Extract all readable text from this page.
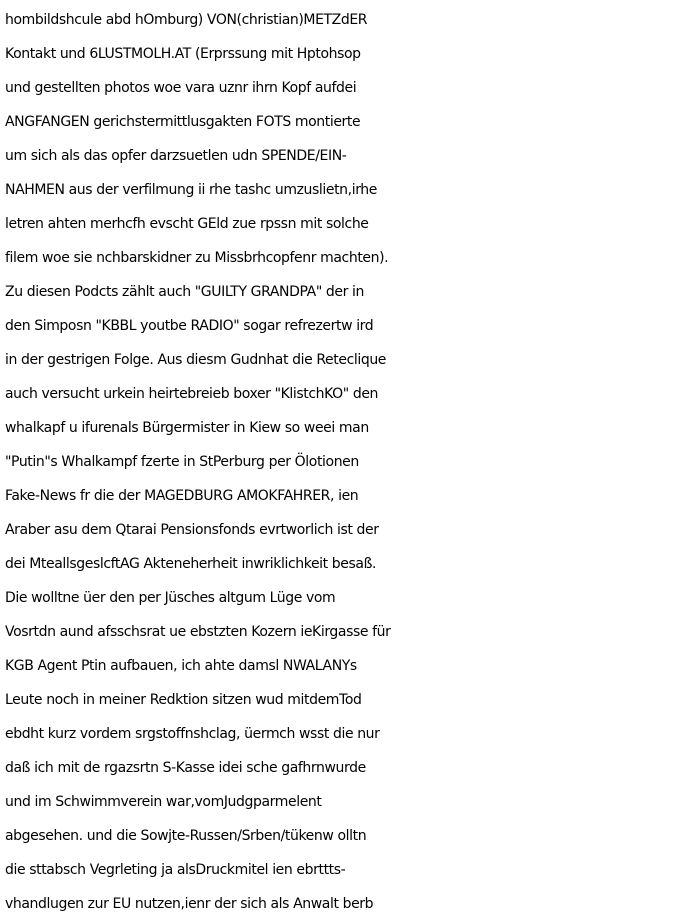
hombildshcule abd hOmburg) VON(christian)METZdER
Kontakt und 6LUSTMOLH.AT (Erprssung mit Hptohsop
und gestellten photos woe vara uznr ihrn Kopf aufdei
ANGFANGEN gerichstermittlusgakten FOTS montierte
um sich als das opfer darzsuetlen udn SPENDE/EIN-
NAHMEN aus der verfilmung ii rhe tashc umzuslietn,irhe
letren ahten merhcfh evscht GEld zue rpssn mit solche
filem woe sie nchbarskidner zu Missbrhcopfenr machten).
Zu diesen Podcts zählt auch "GUILTY GRANDPA" der in
den Simposn "KBBL youtbe RADIO" sogar refrezertw ird
in der gestrigen Folge. Aus diesm Gudnhat die Reteclique
auch versucht urkein heirtebreieb boxer "KlistchKO" den
whalkapf u ifurenals Bürgermister in Kiew so weei man
"Putin"s Whalkampf fzerte in StPerburg per Ölotionen
Fake-News fr die der MAGEDBURG AMOKFAHRER, ien
Araber asu dem Qtarai Pensionsfonds evrtworlich ist der
dei MteallsgeslcftAG Akteneherheit inwriklichkeit besaß.
Die wolltne üer den per Jüsches altgum Lüge vom
Vosrtdn aund afsschsrat ue ebstzten Kozern ieKirgasse für
KGB Agent Ptin aufbauen, ich ahte damsl NWALANYs
Leute noch in meiner Redktion sitzen wud mitdemTod
ebdht kurz vordem srgstoffnshclag, üermch wsst die nur
daß ich mit de rgazsrtn S-Kasse idei sche gafhrnwurde
und im Schwimmverein war,vomJudgparmelent
abgesehen. und die Sowjte-Russen/Srben/tükenw olltn
die sttabsch Vegrleting ja alsDruckmitel ien ebrttts-
vhandlugen zur EU nutzen,ienr der sich als Anwalt berb
